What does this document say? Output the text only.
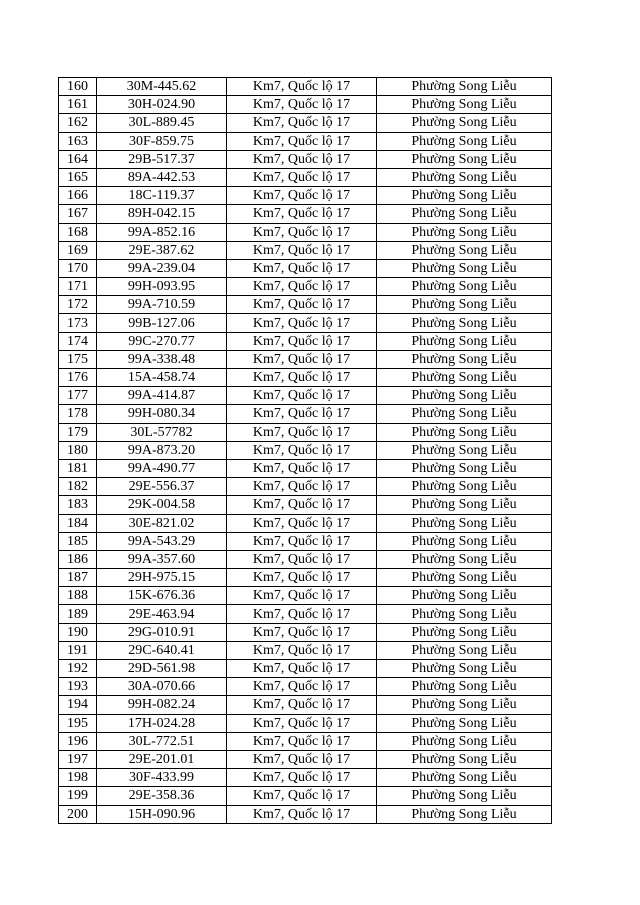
160	30M-445.62	Km7, Quốc lộ 17	Phường Song Liễu
161	30H-024.90	Km7, Quốc lộ 17	Phường Song Liễu
162	30L-889.45	Km7, Quốc lộ 17	Phường Song Liễu
163	30F-859.75	Km7, Quốc lộ 17	Phường Song Liễu
164	29B-517.37	Km7, Quốc lộ 17	Phường Song Liễu
165	89A-442.53	Km7, Quốc lộ 17	Phường Song Liễu
166	18C-119.37	Km7, Quốc lộ 17	Phường Song Liễu
167	89H-042.15	Km7, Quốc lộ 17	Phường Song Liễu
168	99A-852.16	Km7, Quốc lộ 17	Phường Song Liễu
169	29E-387.62	Km7, Quốc lộ 17	Phường Song Liễu
170	99A-239.04	Km7, Quốc lộ 17	Phường Song Liễu
171	99H-093.95	Km7, Quốc lộ 17	Phường Song Liễu
172	99A-710.59	Km7, Quốc lộ 17	Phường Song Liễu
173	99B-127.06	Km7, Quốc lộ 17	Phường Song Liễu
174	99C-270.77	Km7, Quốc lộ 17	Phường Song Liễu
175	99A-338.48	Km7, Quốc lộ 17	Phường Song Liễu
176	15A-458.74	Km7, Quốc lộ 17	Phường Song Liễu
177	99A-414.87	Km7, Quốc lộ 17	Phường Song Liễu
178	99H-080.34	Km7, Quốc lộ 17	Phường Song Liễu
179	30L-57782	Km7, Quốc lộ 17	Phường Song Liễu
180	99A-873.20	Km7, Quốc lộ 17	Phường Song Liễu
181	99A-490.77	Km7, Quốc lộ 17	Phường Song Liễu
182	29E-556.37	Km7, Quốc lộ 17	Phường Song Liễu
183	29K-004.58	Km7, Quốc lộ 17	Phường Song Liễu
184	30E-821.02	Km7, Quốc lộ 17	Phường Song Liễu
185	99A-543.29	Km7, Quốc lộ 17	Phường Song Liễu
186	99A-357.60	Km7, Quốc lộ 17	Phường Song Liễu
187	29H-975.15	Km7, Quốc lộ 17	Phường Song Liễu
188	15K-676.36	Km7, Quốc lộ 17	Phường Song Liễu
189	29E-463.94	Km7, Quốc lộ 17	Phường Song Liễu
190	29G-010.91	Km7, Quốc lộ 17	Phường Song Liễu
191	29C-640.41	Km7, Quốc lộ 17	Phường Song Liễu
192	29D-561.98	Km7, Quốc lộ 17	Phường Song Liễu
193	30A-070.66	Km7, Quốc lộ 17	Phường Song Liễu
194	99H-082.24	Km7, Quốc lộ 17	Phường Song Liễu
195	17H-024.28	Km7, Quốc lộ 17	Phường Song Liễu
196	30L-772.51	Km7, Quốc lộ 17	Phường Song Liễu
197	29E-201.01	Km7, Quốc lộ 17	Phường Song Liễu
198	30F-433.99	Km7, Quốc lộ 17	Phường Song Liễu
199	29E-358.36	Km7, Quốc lộ 17	Phường Song Liễu
200	15H-090.96	Km7, Quốc lộ 17	Phường Song Liễu
